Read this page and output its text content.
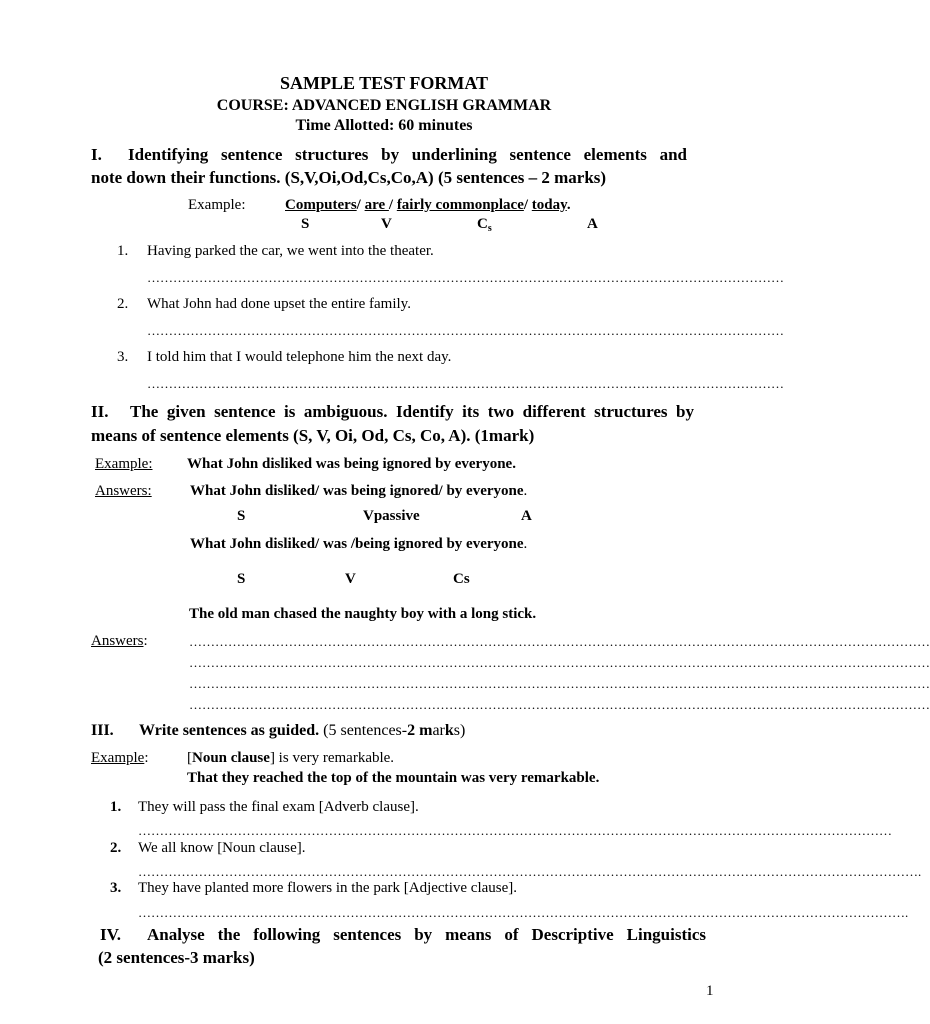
SAMPLE TEST FORMAT
COURSE: ADVANCED ENGLISH GRAMMAR
Time Allotted: 60 minutes
I. Identifying sentence structures by underlining sentence elements and
note down their functions. (S,V,Oi,Od,Cs,Co,A) (5 sentences – 2 marks)
Example:	Computers/ are / fairly commonplace/ today.
S	V	$C_s$	A
1. Having parked the car, we went into the theater.
…………………………………………………………………………………………………………………………………
2. What John had done upset the entire family.
…………………………………………………………………………………………………………………………………
3. I told him that I would telephone him the next day.
…………………………………………………………………………………………………………………………………
II. The given sentence is ambiguous. Identify its two different structures by
means of sentence elements (S, V, Oi, Od, Cs, Co, A). (1mark)
Example: What John disliked was being ignored by everyone.
Answers:	What John disliked/ was being ignored/ by everyone.
S	Vpassive	A
What John disliked/ was /being ignored by everyone.
S	V	Cs
The old man chased the naughty boy with a long stick.
Answers:	………………………………………………………………………………………………………………………………………………………
………………………………………………………………………………………………………………………………………………………
………………………………………………………………………………………………………………………………………………………
………………………………………………………………………………………………………………………………………………………
III. Write sentences as guided. (5 sentences-2 marks)
Example:	[Noun clause] is very remarkable.
That they reached the top of the mountain was very remarkable.
1. They will pass the final exam [Adverb clause].
…………………………………………………………………………………………………………………………………………………………
2. We all know [Noun clause].
……………………………………………………………………………………………………………………………………………………………….
3. They have planted more flowers in the park [Adjective clause].
…………………………………………………………………………………………………………………………………………………………….
IV. Analyse the following sentences by means of Descriptive Linguistics
(2 sentences-3 marks)
1
